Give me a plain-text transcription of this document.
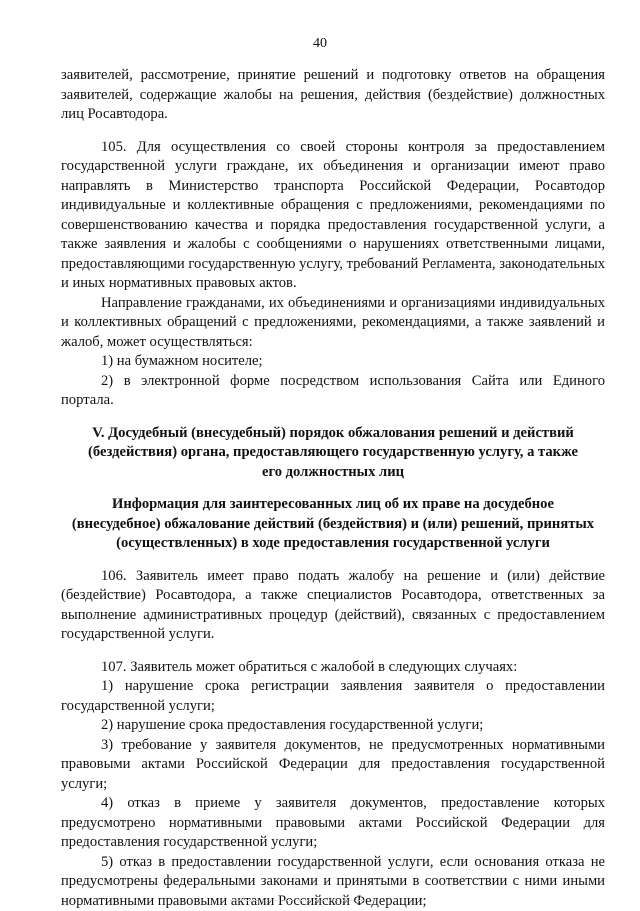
40

заявителей, рассмотрение, принятие решений и подготовку ответов на обращения заявителей, содержащие жалобы на решения, действия (бездействие) должностных лиц Росавтодора.

105. Для осуществления со своей стороны контроля за предоставлением государственной услуги граждане, их объединения и организации имеют право направлять в Министерство транспорта Российской Федерации, Росавтодор индивидуальные и коллективные обращения с предложениями, рекомендациями по совершенствованию качества и порядка предоставления государственной услуги, а также заявления и жалобы с сообщениями о нарушениях ответственными лицами, предоставляющими государственную услугу, требований Регламента, законодательных и иных нормативных правовых актов.

Направление гражданами, их объединениями и организациями индивидуальных и коллективных обращений с предложениями, рекомендациями, а также заявлений и жалоб, может осуществляться:

1) на бумажном носителе;

2) в электронной форме посредством использования Сайта или Единого портала.

V. Досудебный (внесудебный) порядок обжалования решений и действий
(бездействия) органа, предоставляющего государственную услугу, а также
его должностных лиц

Информация для заинтересованных лиц об их праве на досудебное
(внесудебное) обжалование действий (бездействия) и (или) решений, принятых
(осуществленных) в ходе предоставления государственной услуги

106. Заявитель имеет право подать жалобу на решение и (или) действие (бездействие) Росавтодора, а также специалистов Росавтодора, ответственных за выполнение административных процедур (действий), связанных с предоставлением государственной услуги.

107. Заявитель может обратиться с жалобой в следующих случаях:

1) нарушение срока регистрации заявления заявителя о предоставлении государственной услуги;

2) нарушение срока предоставления государственной услуги;

3) требование у заявителя документов, не предусмотренных нормативными правовыми актами Российской Федерации для предоставления государственной услуги;

4) отказ в приеме у заявителя документов, предоставление которых предусмотрено нормативными правовыми актами Российской Федерации для предоставления государственной услуги;

5) отказ в предоставлении государственной услуги, если основания отказа не предусмотрены федеральными законами и принятыми в соответствии с ними иными нормативными правовыми актами Российской Федерации;
